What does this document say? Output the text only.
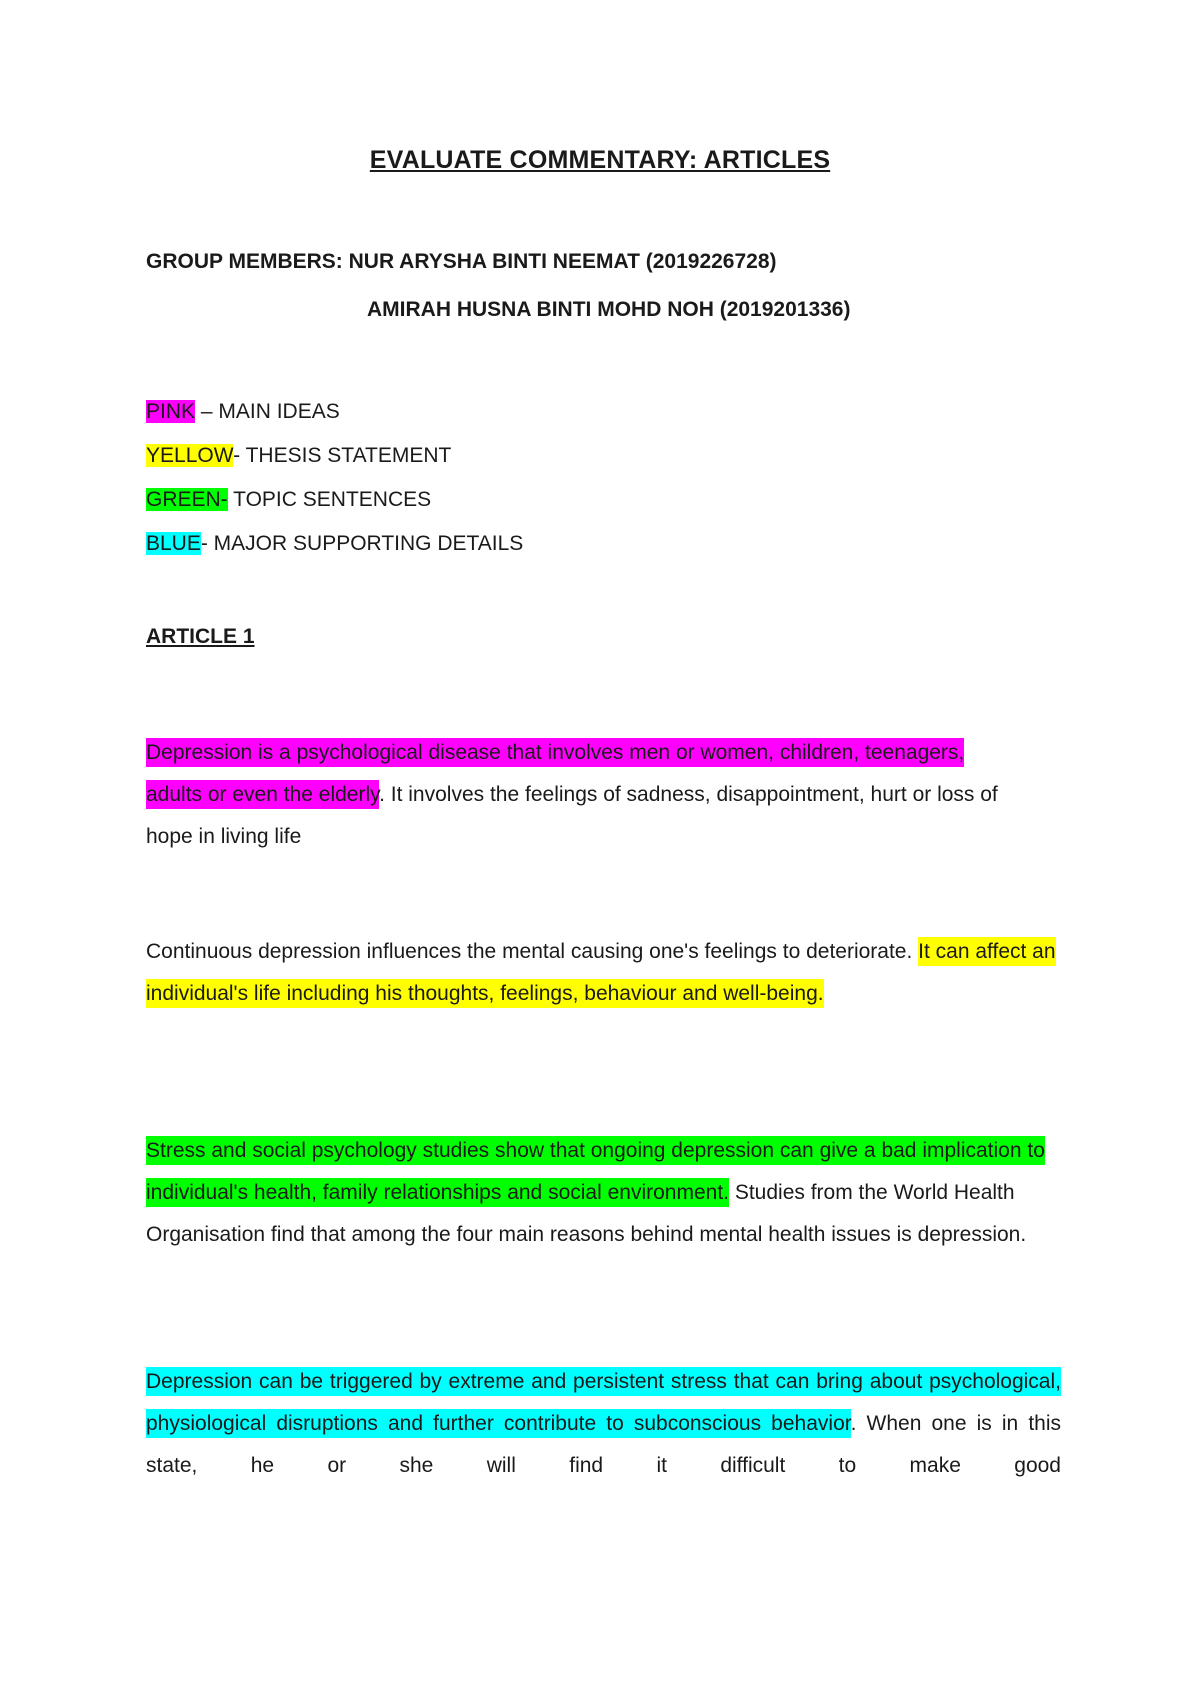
EVALUATE COMMENTARY: ARTICLES
GROUP MEMBERS: NUR ARYSHA BINTI NEEMAT (2019226728)
AMIRAH HUSNA BINTI MOHD NOH (2019201336)
PINK – MAIN IDEAS
YELLOW- THESIS STATEMENT
GREEN- TOPIC SENTENCES
BLUE- MAJOR SUPPORTING DETAILS
ARTICLE 1
Depression is a psychological disease that involves men or women, children, teenagers, adults or even the elderly. It involves the feelings of sadness, disappointment, hurt or loss of hope in living life
Continuous depression influences the mental causing one's feelings to deteriorate. It can affect an individual's life including his thoughts, feelings, behaviour and well-being.
Stress and social psychology studies show that ongoing depression can give a bad implication to individual's health, family relationships and social environment. Studies from the World Health Organisation find that among the four main reasons behind mental health issues is depression.
Depression can be triggered by extreme and persistent stress that can bring about psychological, physiological disruptions and further contribute to subconscious behavior. When one is in this state, he or she will find it difficult to make good
